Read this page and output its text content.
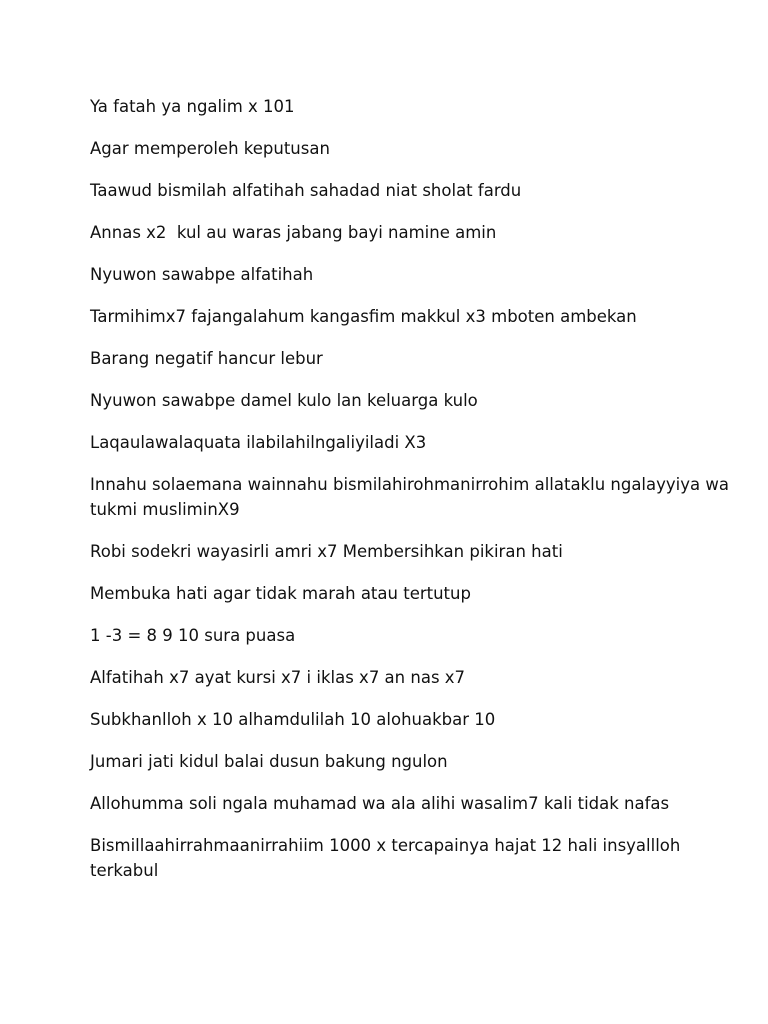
Ya fatah ya ngalim x 101
Agar memperoleh keputusan
Taawud bismilah alfatihah sahadad niat sholat fardu
Annas x2  kul au waras jabang bayi namine amin
Nyuwon sawabpe alfatihah
Tarmihimx7 fajangalahum kangasfim makkul x3 mboten ambekan
Barang negatif hancur lebur
Nyuwon sawabpe damel kulo lan keluarga kulo
Laqaulawalaquata ilabilahilngaliyiladi X3
Innahu solaemana wainnahu bismilahirohmanirrohim allataklu ngalayyiya wa tukmi musliminX9
Robi sodekri wayasirli amri x7 Membersihkan pikiran hati
Membuka hati agar tidak marah atau tertutup
1 -3 = 8 9 10 sura puasa
Alfatihah x7 ayat kursi x7 i iklas x7 an nas x7
Subkhanlloh x 10 alhamdulilah 10 alohuakbar 10
Jumari jati kidul balai dusun bakung ngulon
Allohumma soli ngala muhamad wa ala alihi wasalim7 kali tidak nafas
Bismillaahirrahmaanirrahiim 1000 x tercapainya hajat 12 hali insyallloh terkabul
